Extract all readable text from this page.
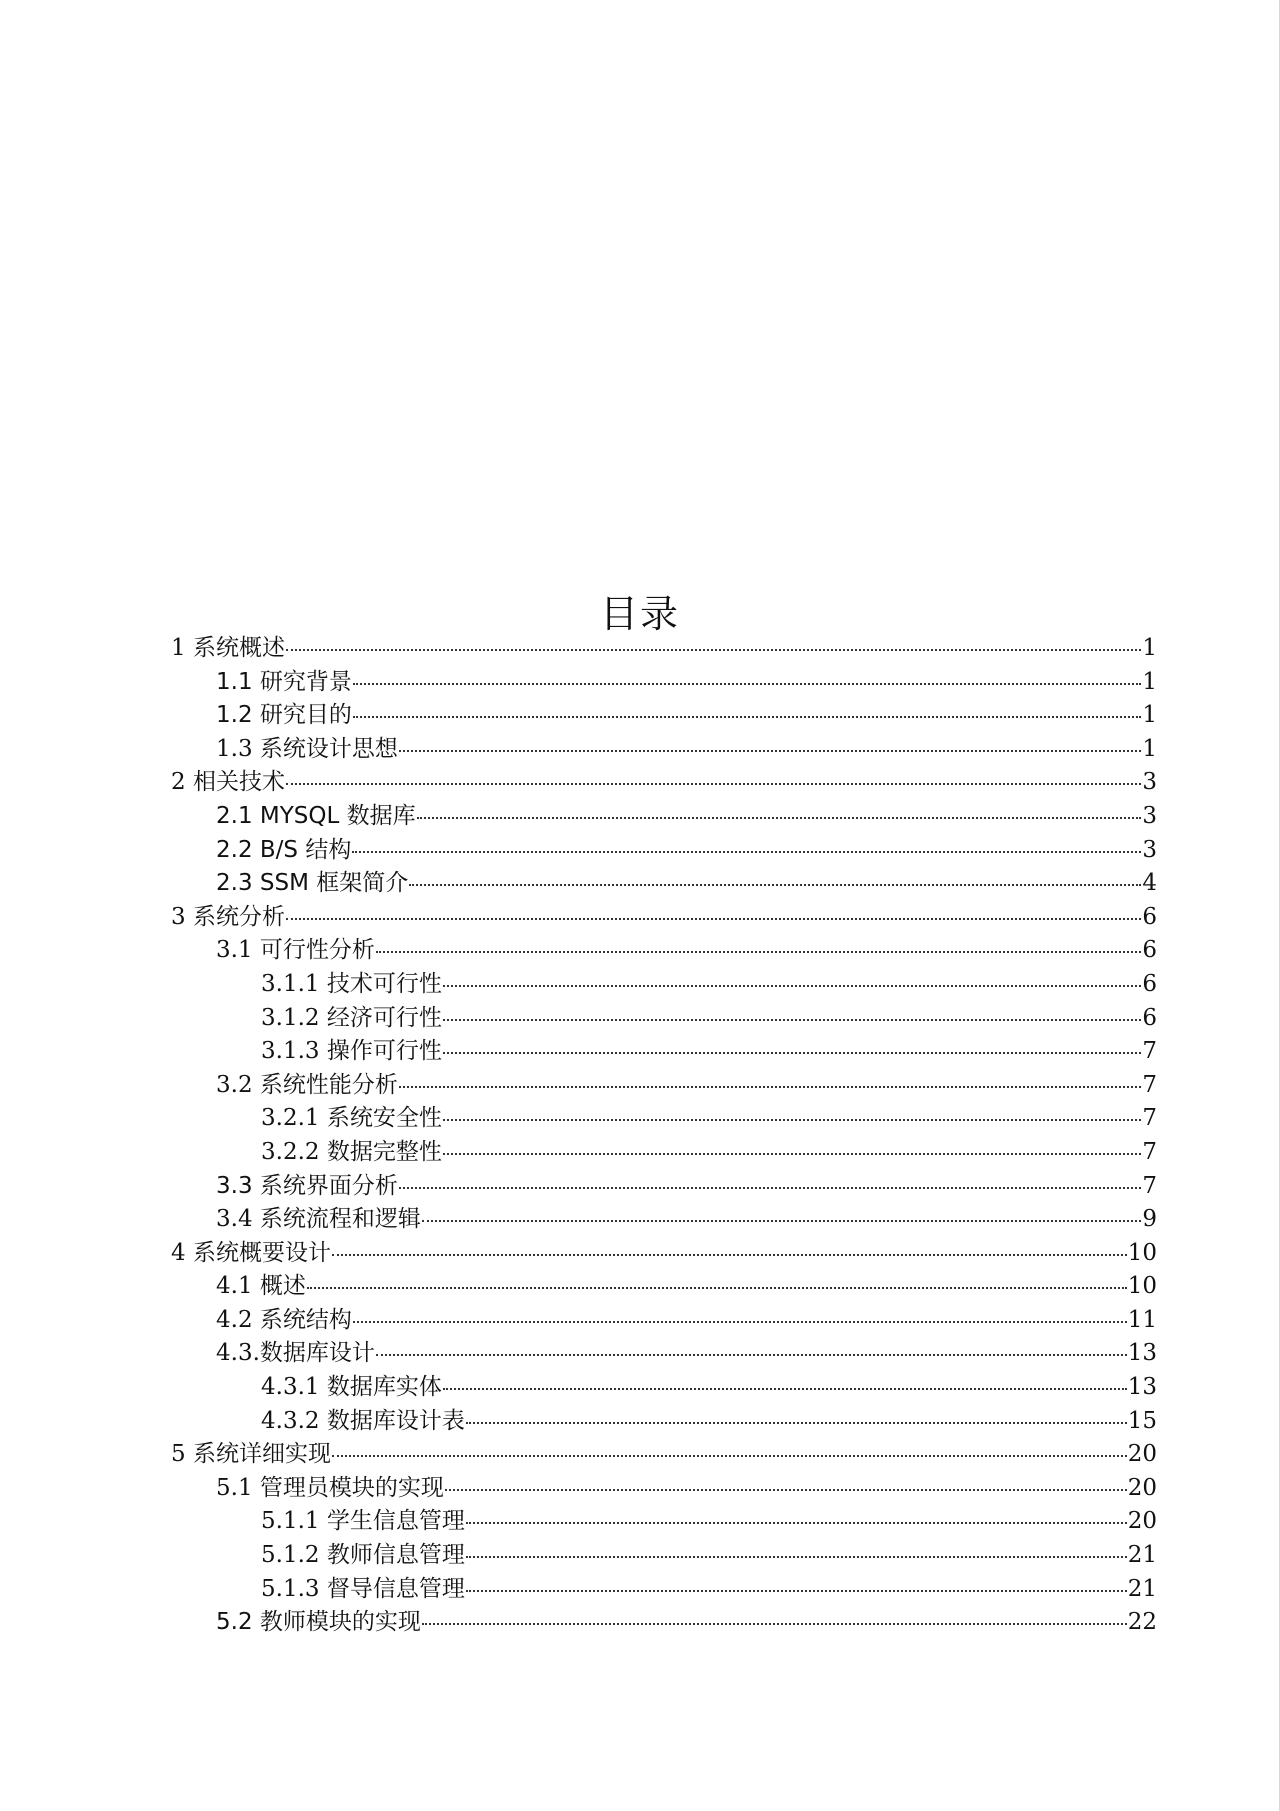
目录
1 系统概述	1
1.1 研究背景	1
1.2 研究目的	1
1.3 系统设计思想	1
2 相关技术	3
2.1 MYSQL 数据库	3
2.2 B/S 结构	3
2.3 SSM 框架简介	4
3 系统分析	6
3.1 可行性分析	6
3.1.1 技术可行性	6
3.1.2 经济可行性	6
3.1.3 操作可行性	7
3.2 系统性能分析	7
3.2.1 系统安全性	7
3.2.2 数据完整性	7
3.3 系统界面分析	7
3.4 系统流程和逻辑	9
4 系统概要设计	10
4.1 概述	10
4.2 系统结构	11
4.3.数据库设计	13
4.3.1 数据库实体	13
4.3.2 数据库设计表	15
5 系统详细实现	20
5.1 管理员模块的实现	20
5.1.1 学生信息管理	20
5.1.2 教师信息管理	21
5.1.3 督导信息管理	21
5.2 教师模块的实现	22
